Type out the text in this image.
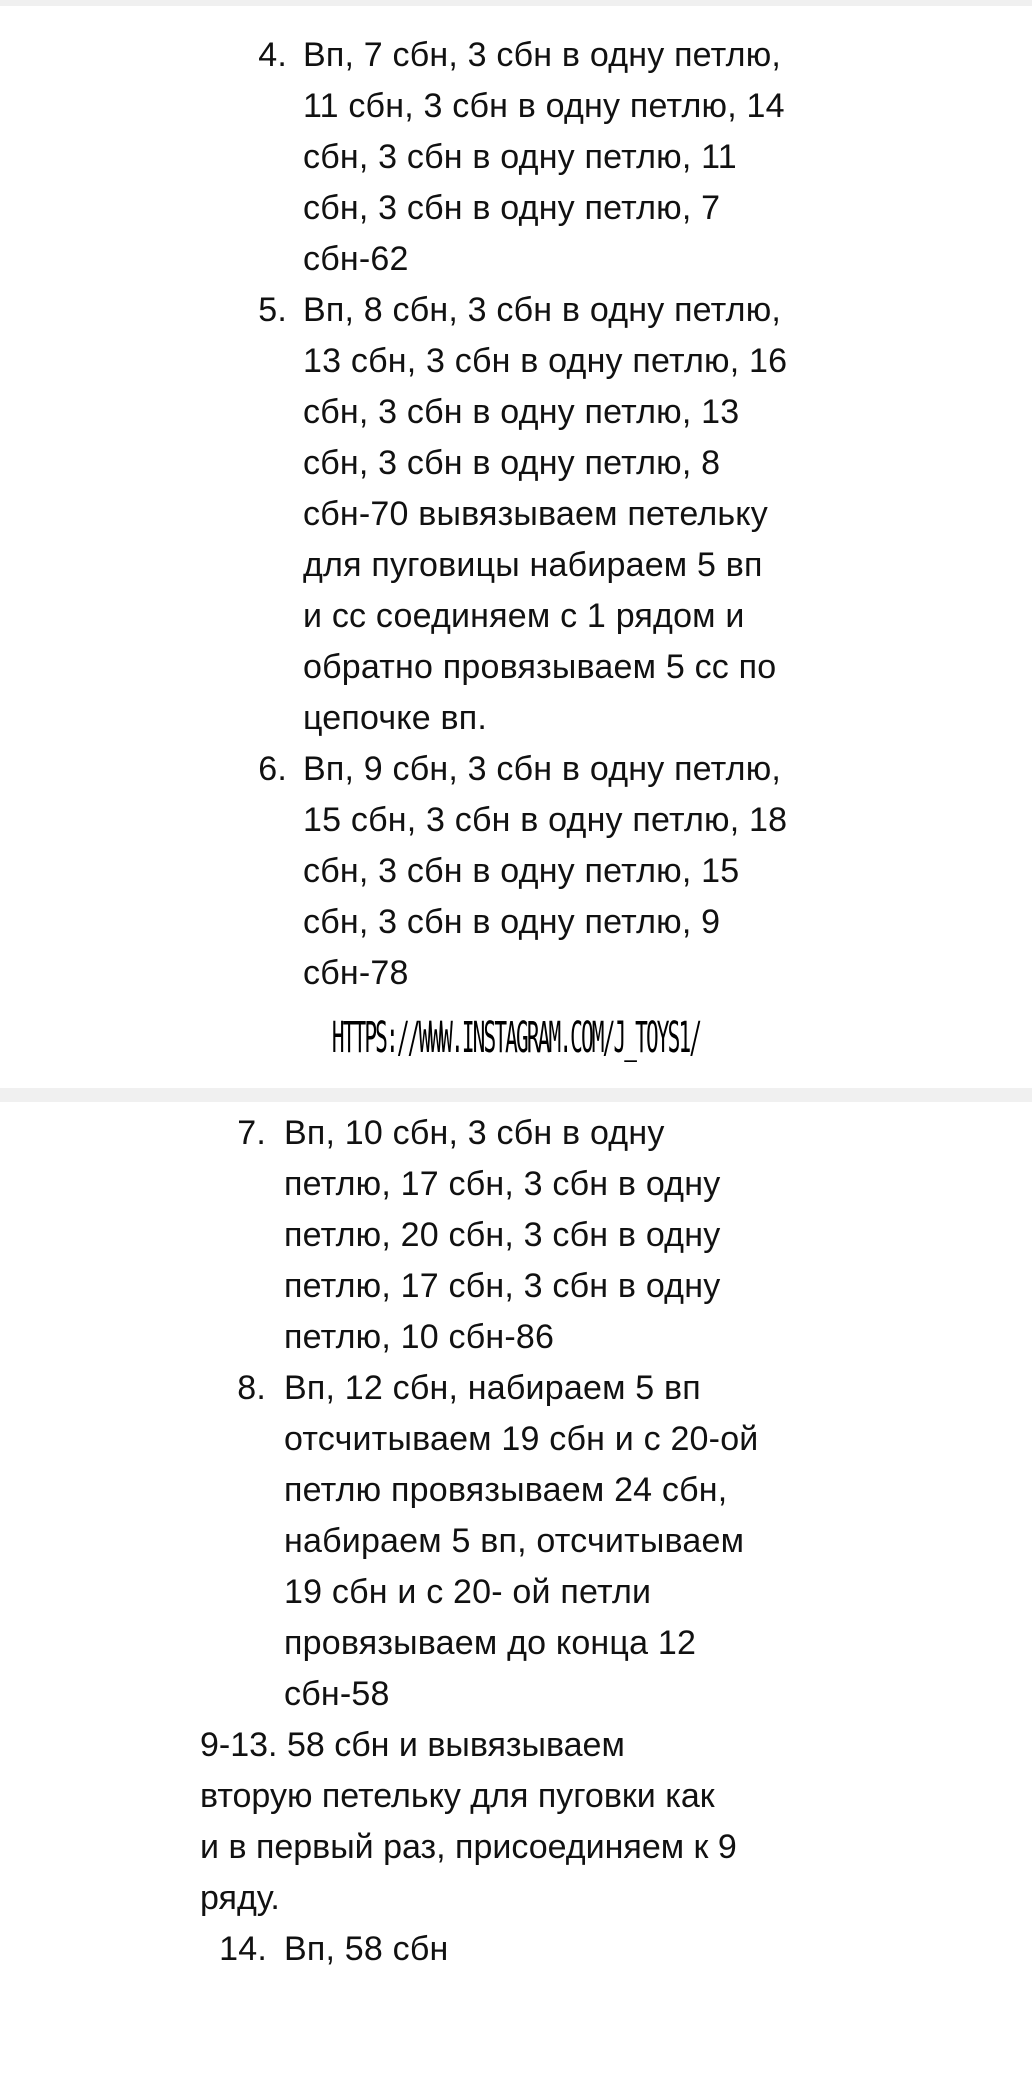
4. Вп, 7 сбн, 3 сбн в одну петлю,
11 сбн, 3 сбн в одну петлю, 14
сбн, 3 сбн в одну петлю, 11
сбн, 3 сбн в одну петлю, 7
сбн-62
5. Вп, 8 сбн, 3 сбн в одну петлю,
13 сбн, 3 сбн в одну петлю, 16
сбн, 3 сбн в одну петлю, 13
сбн, 3 сбн в одну петлю, 8
сбн-70 вывязываем петельку
для пуговицы набираем 5 вп
и сс соединяем с 1 рядом и
обратно провязываем 5 сс по
цепочке вп.
6. Вп, 9 сбн, 3 сбн в одну петлю,
15 сбн, 3 сбн в одну петлю, 18
сбн, 3 сбн в одну петлю, 15
сбн, 3 сбн в одну петлю, 9
сбн-78
HTTPS://WWW.INSTAGRAM.COM/J_TOYS1/
7. Вп, 10 сбн, 3 сбн в одну
петлю, 17 сбн, 3 сбн в одну
петлю, 20 сбн, 3 сбн в одну
петлю, 17 сбн, 3 сбн в одну
петлю, 10 сбн-86
8. Вп, 12 сбн, набираем 5 вп
отсчитываем 19 сбн и с 20-ой
петлю провязываем 24 сбн,
набираем 5 вп, отсчитываем
19 сбн и с 20- ой петли
провязываем до конца 12
сбн-58
9-13. 58 сбн и вывязываем
вторую петельку для пуговки как
и в первый раз, присоединяем к 9
ряду.
14. Вп, 58 сбн
